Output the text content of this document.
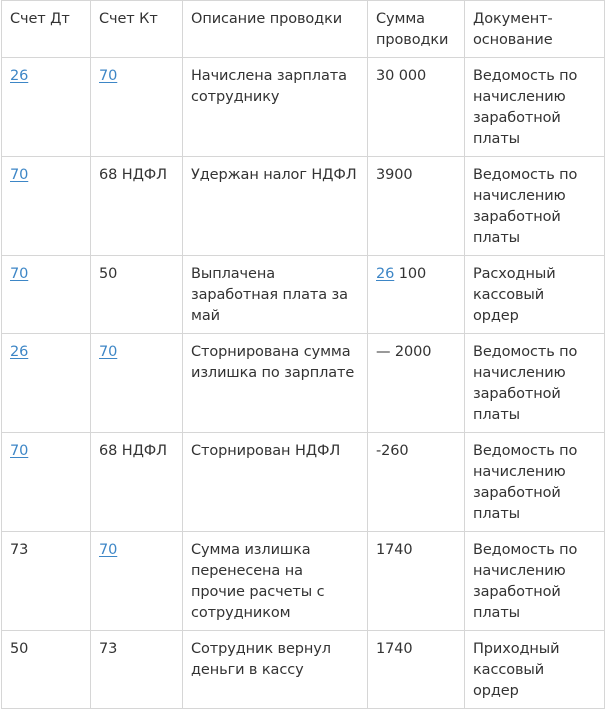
Счет Дт	Счет Кт	Описание проводки	Сумма проводки	Документ-основание
26	70	Начислена зарплата сотруднику	30 000	Ведомость по начислению заработной платы
70	68 НДФЛ	Удержан налог НДФЛ	3900	Ведомость по начислению заработной платы
70	50	Выплачена заработная плата за май	26 100	Расходный кассовый ордер
26	70	Сторнирована сумма излишка по зарплате	— 2000	Ведомость по начислению заработной платы
70	68 НДФЛ	Сторнирован НДФЛ	-260	Ведомость по начислению заработной платы
73	70	Сумма излишка перенесена на прочие расчеты с сотрудником	1740	Ведомость по начислению заработной платы
50	73	Сотрудник вернул деньги в кассу	1740	Приходный кассовый ордер
